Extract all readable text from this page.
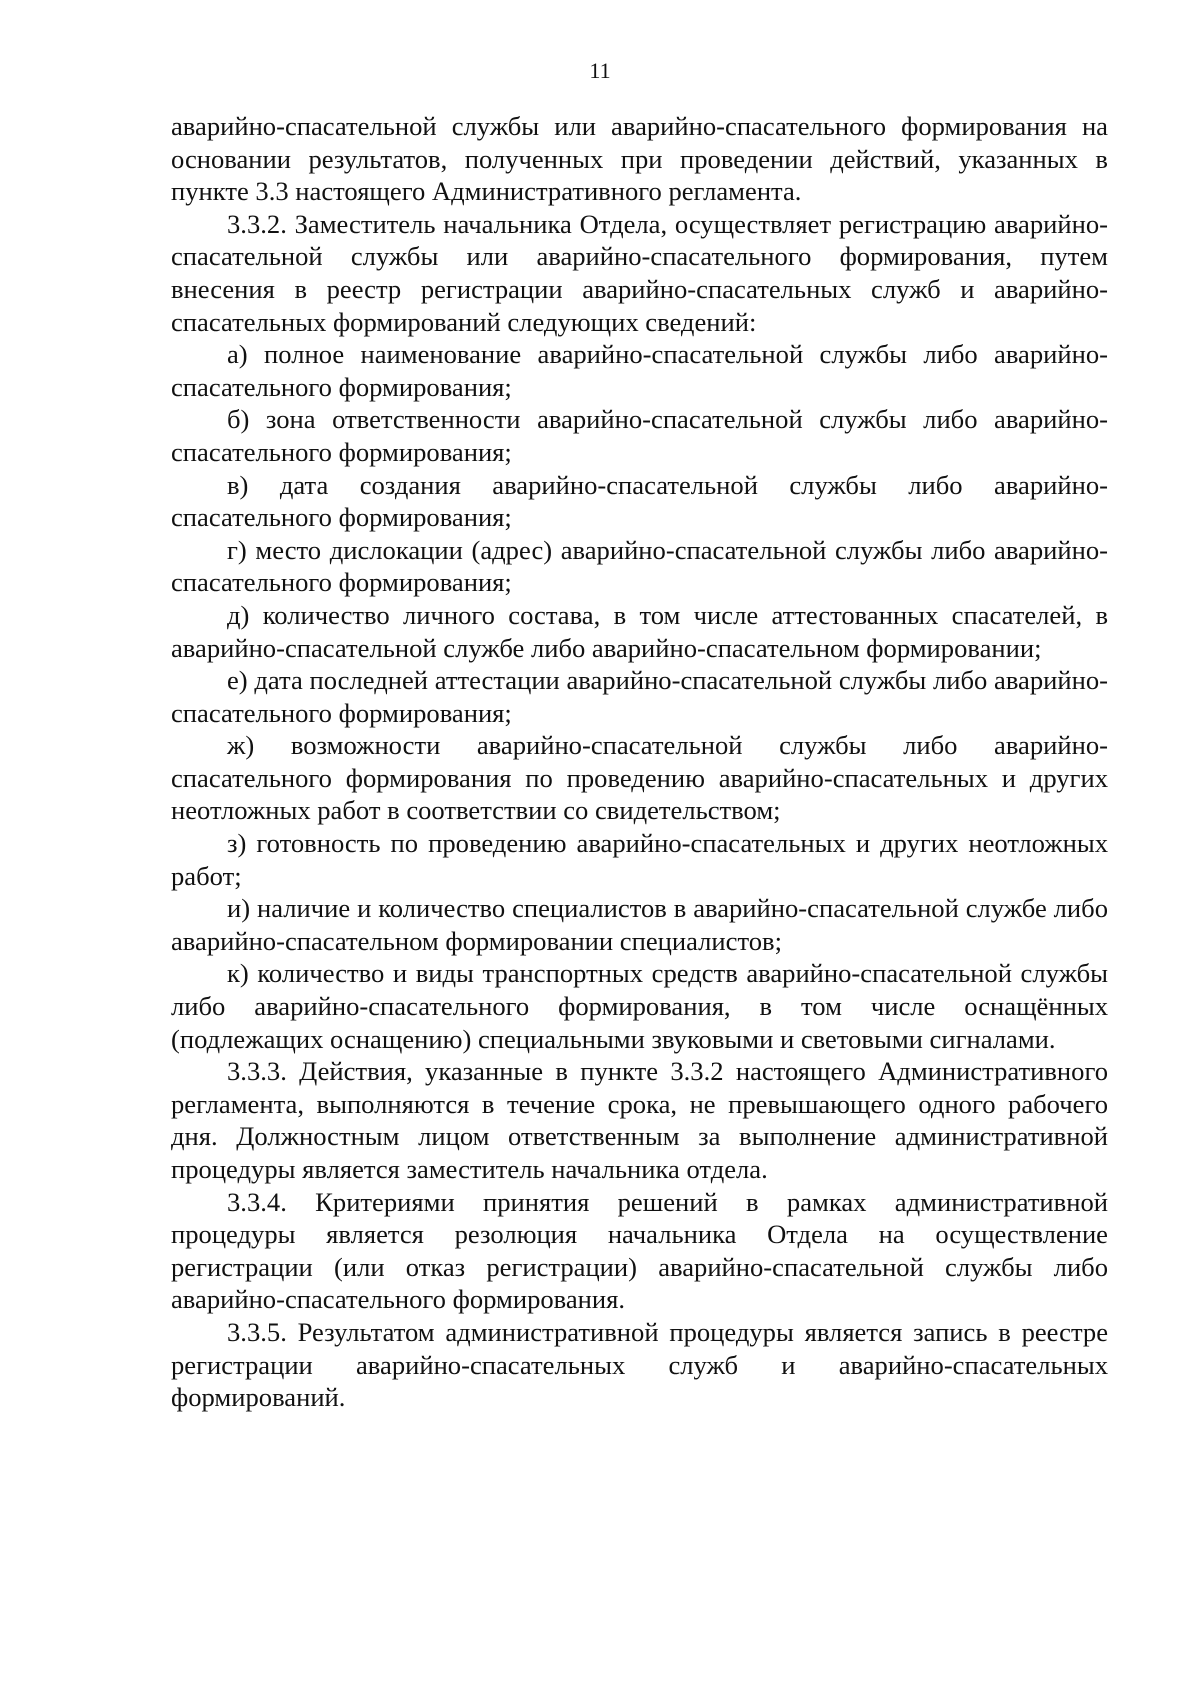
11

аварийно-спасательной службы или аварийно-спасательного формирования на основании результатов, полученных при проведении действий, указанных в пункте 3.3 настоящего Административного регламента.

3.3.2. Заместитель начальника Отдела, осуществляет регистрацию аварийно-спасательной службы или аварийно-спасательного формирования, путем внесения в реестр регистрации аварийно-спасательных служб и аварийно-спасательных формирований следующих сведений:

а) полное наименование аварийно-спасательной службы либо аварийно-спасательного формирования;

б) зона ответственности аварийно-спасательной службы либо аварийно-спасательного формирования;

в) дата создания аварийно-спасательной службы либо аварийно-спасательного формирования;

г) место дислокации (адрес) аварийно-спасательной службы либо аварийно-спасательного формирования;

д) количество личного состава, в том числе аттестованных спасателей, в аварийно-спасательной службе либо аварийно-спасательном формировании;

е) дата последней аттестации аварийно-спасательной службы либо аварийно-спасательного формирования;

ж) возможности аварийно-спасательной службы либо аварийно-спасательного формирования по проведению аварийно-спасательных и других неотложных работ в соответствии со свидетельством;

з) готовность по проведению аварийно-спасательных и других неотложных работ;

и) наличие и количество специалистов в аварийно-спасательной службе либо аварийно-спасательном формировании специалистов;

к) количество и виды транспортных средств аварийно-спасательной службы либо аварийно-спасательного формирования, в том числе оснащённых (подлежащих оснащению) специальными звуковыми и световыми сигналами.

3.3.3. Действия, указанные в пункте 3.3.2 настоящего Административного регламента, выполняются в течение срока, не превышающего одного рабочего дня. Должностным лицом ответственным за выполнение административной процедуры является заместитель начальника отдела.

3.3.4. Критериями принятия решений в рамках административной процедуры является резолюция начальника Отдела на осуществление регистрации (или отказ регистрации) аварийно-спасательной службы либо аварийно-спасательного формирования.

3.3.5. Результатом административной процедуры является запись в реестре регистрации аварийно-спасательных служб и аварийно-спасательных формирований.
